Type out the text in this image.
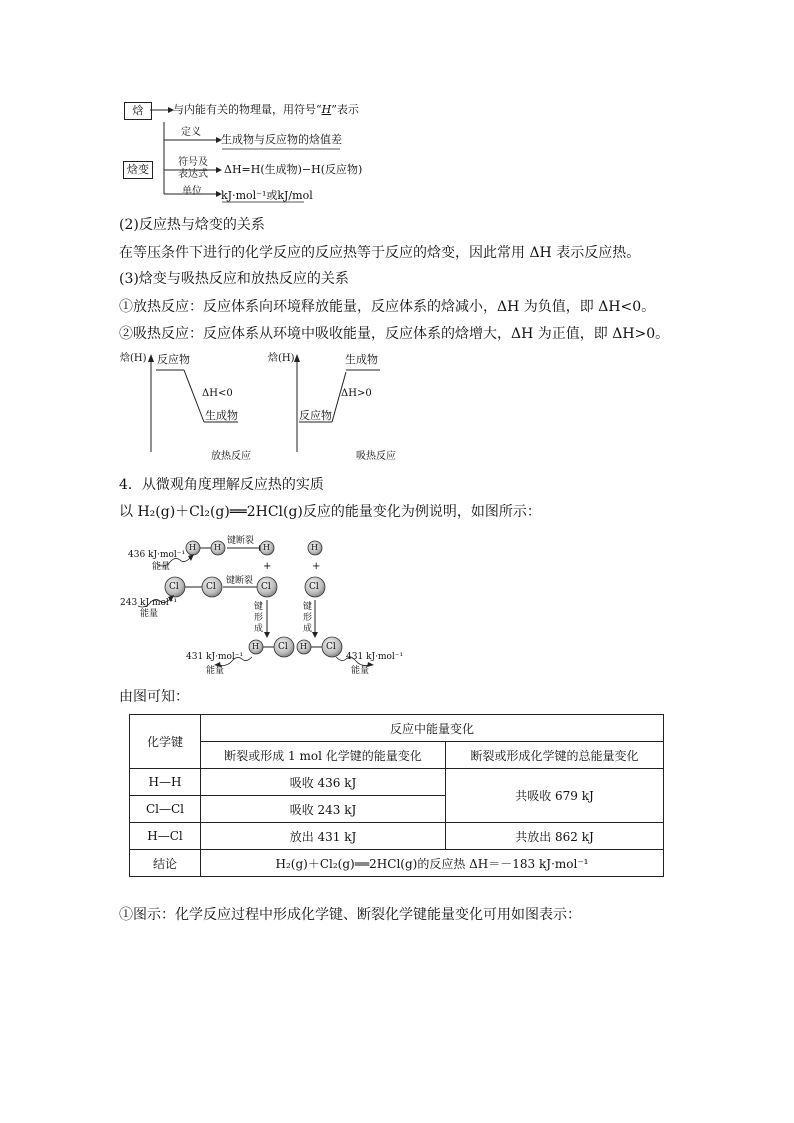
焓	与内能有关的物理量，用符号“H”表示
焓变
定义
生成物与反应物的焓值差
符号及
表达式 ΔH=H(生成物)−H(反应物)
单位 kJ·mol⁻¹或kJ/mol
(2)反应热与焓变的关系
在等压条件下进行的化学反应的反应热等于反应的焓变，因此常用 ΔH 表示反应热。
(3)焓变与吸热反应和放热反应的关系
①放热反应：反应体系向环境释放能量，反应体系的焓减小，ΔH 为负值，即 ΔH<0。
②吸热反应：反应体系从环境中吸收能量，反应体系的焓增大，ΔH 为正值，即 ΔH>0。
焓(H) 反应物
ΔH<0
生成物
放热反应
焓(H)	生成物
ΔH>0
反应物
吸热反应
4．从微观角度理解反应热的实质
以 H₂(g)＋Cl₂(g)══2HCl(g)反应的能量变化为例说明，如图所示：
H H	H	H
Cl	Cl	Cl	Cl
H Cl H Cl
键断裂
键断裂
+	+
键
形
成
键
形
成
436 kJ·mol⁻¹
能量
243 kJ·mol⁻¹
能量
431 kJ·mol⁻¹
能量
431 kJ·mol⁻¹
能量
由图可知：
化学键	反应中能量变化	
	断裂或形成 1 mol 化学键的能量变化	断裂或形成化学键的总能量变化
H—H	吸收 436 kJ	共吸收 679 kJ
Cl—Cl	吸收 243 kJ	
H—Cl	放出 431 kJ	共放出 862 kJ
结论	H₂(g)＋Cl₂(g)══2HCl(g)的反应热 ΔH＝－183 kJ·mol⁻¹	
①图示：化学反应过程中形成化学键、断裂化学键能量变化可用如图表示：
